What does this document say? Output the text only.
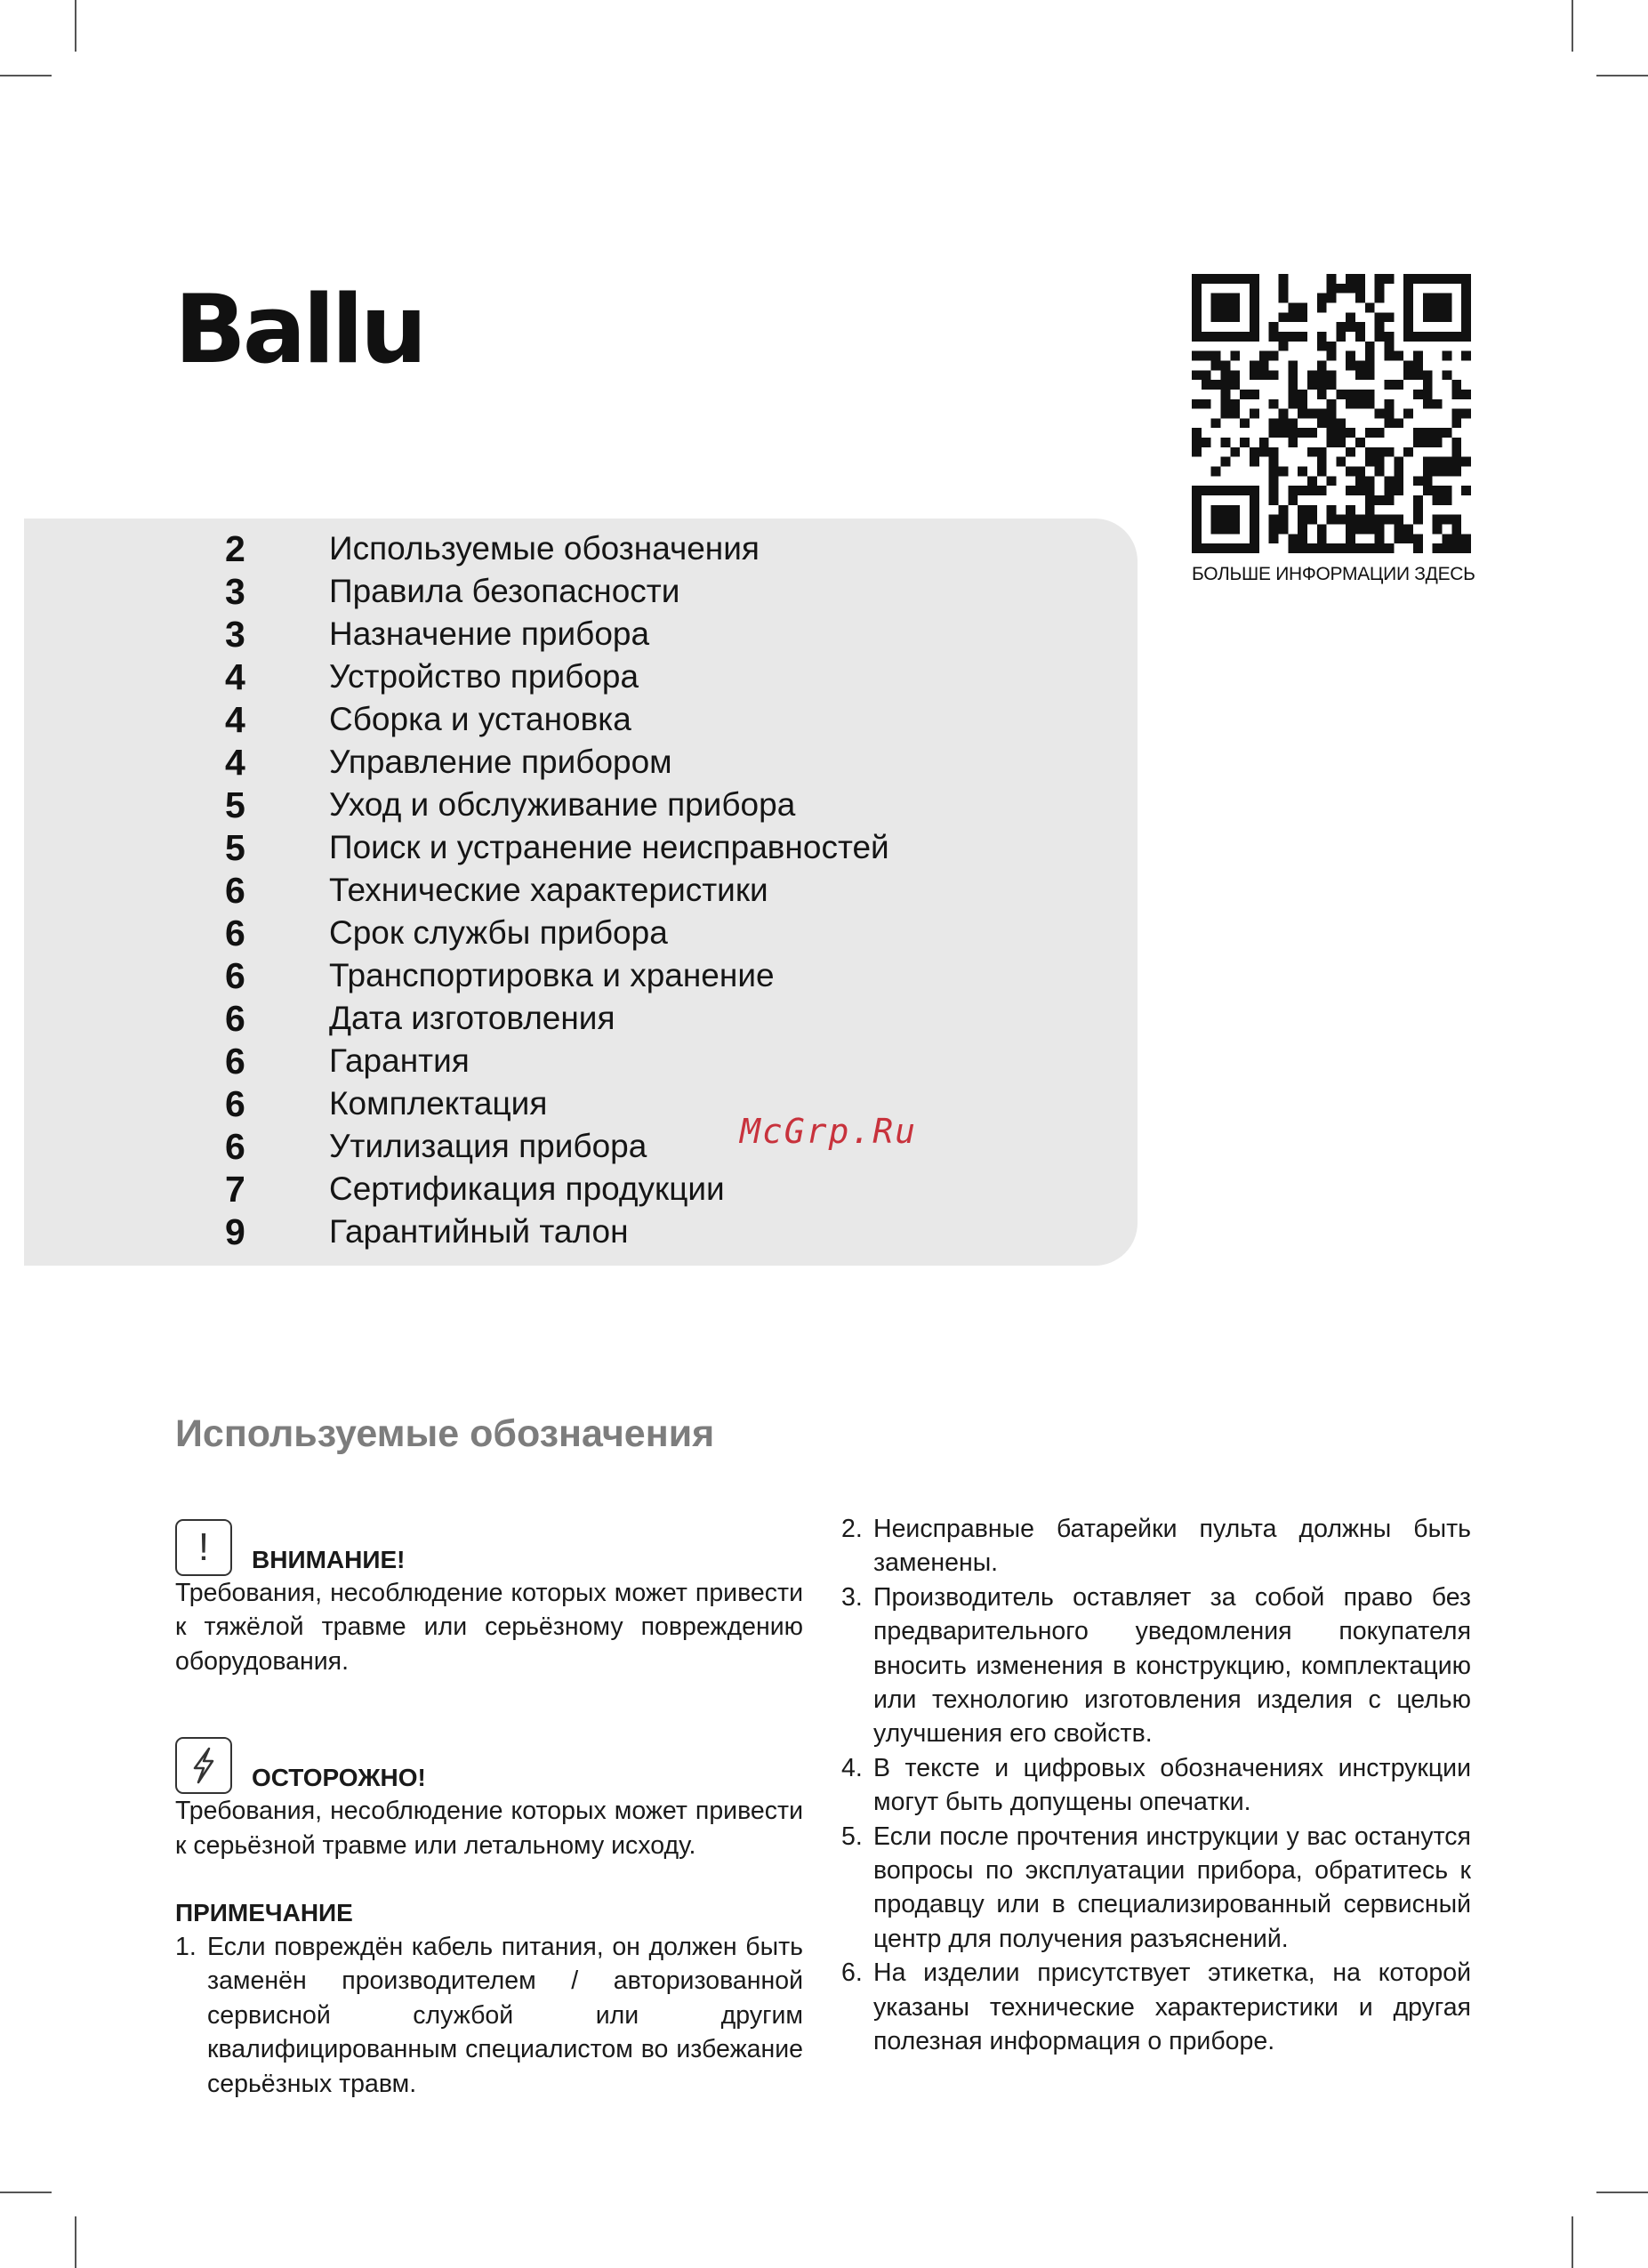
Ballu
БОЛЬШЕ ИНФОРМАЦИИ ЗДЕСЬ
2	Используемые обозначения
3	Правила безопасности
3	Назначение прибора
4	Устройство прибора
4	Сборка и установка
4	Управление прибором
5	Уход и обслуживание прибора
5	Поиск и устранение неисправностей
6	Технические характеристики
6	Срок службы прибора
6	Транспортировка и хранение
6	Дата изготовления
6	Гарантия
6	Комплектация
6	Утилизация прибора
7	Сертификация продукции
9	Гарантийный талон
McGrp.Ru
Используемые обозначения
!	ВНИМАНИЕ!

Требования, несоблюдение которых может привести к тяжёлой травме или серьёзному повреждению оборудования.

ОСТОРОЖНО!

Требования, несоблюдение которых может привести к серьёзной травме или летальному исходу.

ПРИМЕЧАНИЕ
1. Если повреждён кабель питания, он должен быть заменён производителем / авторизованной сервисной службой или другим квалифицированным специалистом во избежание серьёзных травм.
2. Неисправные батарейки пульта должны быть заменены.
3. Производитель оставляет за собой право без предварительного уведомления покупателя вносить изменения в конструкцию, комплектацию или технологию изготовления изделия с целью улучшения его свойств.
4. В тексте и цифровых обозначениях инструкции могут быть допущены опечатки.
5. Если после прочтения инструкции у вас останутся вопросы по эксплуатации прибора, обратитесь к продавцу или в специализированный сервисный центр для получения разъяснений.
6. На изделии присутствует этикетка, на которой указаны технические характеристики и другая полезная информация о приборе.
